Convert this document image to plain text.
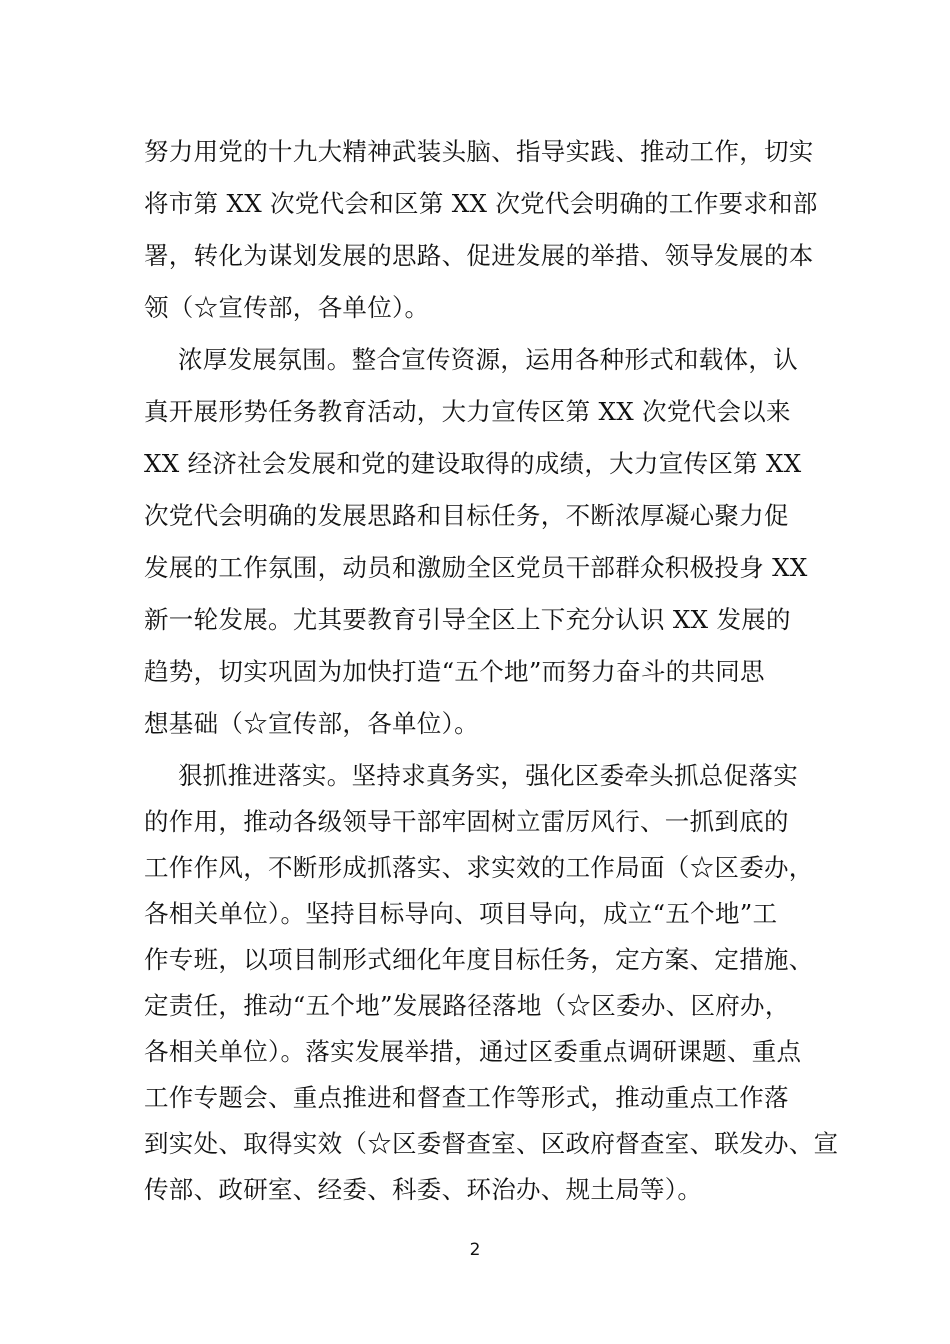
努力用党的十九大精神武装头脑、指导实践、推动工作，切实
将市第 XX 次党代会和区第 XX 次党代会明确的工作要求和部
署，转化为谋划发展的思路、促进发展的举措、领导发展的本
领（☆宣传部，各单位）。
浓厚发展氛围。整合宣传资源，运用各种形式和载体，认
真开展形势任务教育活动，大力宣传区第 XX 次党代会以来
XX 经济社会发展和党的建设取得的成绩，大力宣传区第 XX
次党代会明确的发展思路和目标任务，不断浓厚凝心聚力促
发展的工作氛围，动员和激励全区党员干部群众积极投身 XX
新一轮发展。尤其要教育引导全区上下充分认识 XX 发展的
趋势，切实巩固为加快打造“五个地”而努力奋斗的共同思
想基础（☆宣传部，各单位）。
狠抓推进落实。坚持求真务实，强化区委牵头抓总促落实
的作用，推动各级领导干部牢固树立雷厉风行、一抓到底的
工作作风，不断形成抓落实、求实效的工作局面（☆区委办，
各相关单位）。坚持目标导向、项目导向，成立“五个地”工
作专班，以项目制形式细化年度目标任务，定方案、定措施、
定责任，推动“五个地”发展路径落地（☆区委办、区府办，
各相关单位）。落实发展举措，通过区委重点调研课题、重点
工作专题会、重点推进和督查工作等形式，推动重点工作落
到实处、取得实效（☆区委督查室、区政府督查室、联发办、宣
传部、政研室、经委、科委、环治办、规土局等）。
2
